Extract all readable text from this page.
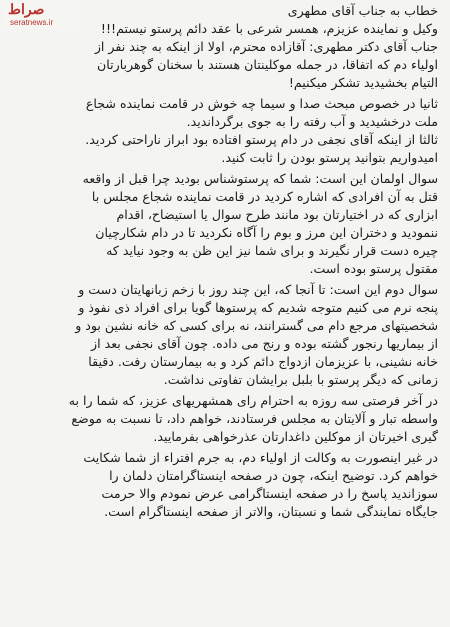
خطاب به جناب آقای مطهری
وکیل و نماینده عزیزم، همسر شرعی با عقد دائم پرستو نیستم!!!
جناب آقای دکتر مطهری: آقازاده محترم، اولا از اینکه به چند نفر از
اولیاء دم که اتفاقا، در جمله موکلینتان هستند با سخنان گوهربارتان
التیام بخشیدید تشکر میکنیم!
ثانیا در خصوص مبحث صدا و سیما چه خوش در قامت نماینده شجاع
ملت درخشیدید و آب رفته را به جوی برگرداندید.
ثالثا از اینکه آقای نجفی در دام پرستو افتاده بود ابراز ناراحتی کردید.
امیدواریم بتوانید پرستو بودن را ثابت کنید.
سوال اولمان این است: شما که پرستوشناس بودید چرا قبل از واقعه
قتل به آن افرادی که اشاره کردید در قامت نماینده شجاع مجلس با
ابزاری که در اختیارتان بود مانند طرح سوال یا استیضاح، اقدام
ننمودید و دختران این مرز و بوم را آگاه نکردید تا در دام شکارچیان
چیره دست قرار نگیرند و برای شما نیز این ظن به وجود نیاید که
مقتول پرستو بوده است.
سوال دوم این است: تا آنجا که، این چند روز با زخم زبانهایتان دست و
پنجه نرم می کنیم متوجه شدیم که پرستوها گویا برای افراد ذی نفوذ و
شخصیتهای مرجع دام می گسترانند، نه برای کسی که خانه نشین بود و
از بیماریها رنجور گشته بوده و رنج می داده. چون آقای نجفی بعد از
خانه نشینی، با عزیزمان ازدواج دائم کرد و به بیمارستان رفت. دقیقا
زمانی که دیگر پرستو با بلبل برایشان تفاوتی نداشت.
در آخر فرصتی سه روزه به احترام رای همشهریهای عزیز، که شما را به
واسطه تبار و آلایتان به مجلس فرستادند، خواهم داد، تا نسبت به موضع
گیری اخیرتان از موکلین داغدارتان عذرخواهی بفرمایید.
در غیر اینصورت به وکالت از اولیاء دم، به جرم افتراء از شما شکایت
خواهم کرد. توضیح اینکه، چون در صفحه اینستاگرامتان دلمان را
سوزاندید پاسخ را در صفحه اینستاگرامی عرض نمودم والا حرمت
جایگاه نمایندگی شما و نسبتان، والاتر از صفحه اینستاگرام است.
صراط
seratnews.ir
